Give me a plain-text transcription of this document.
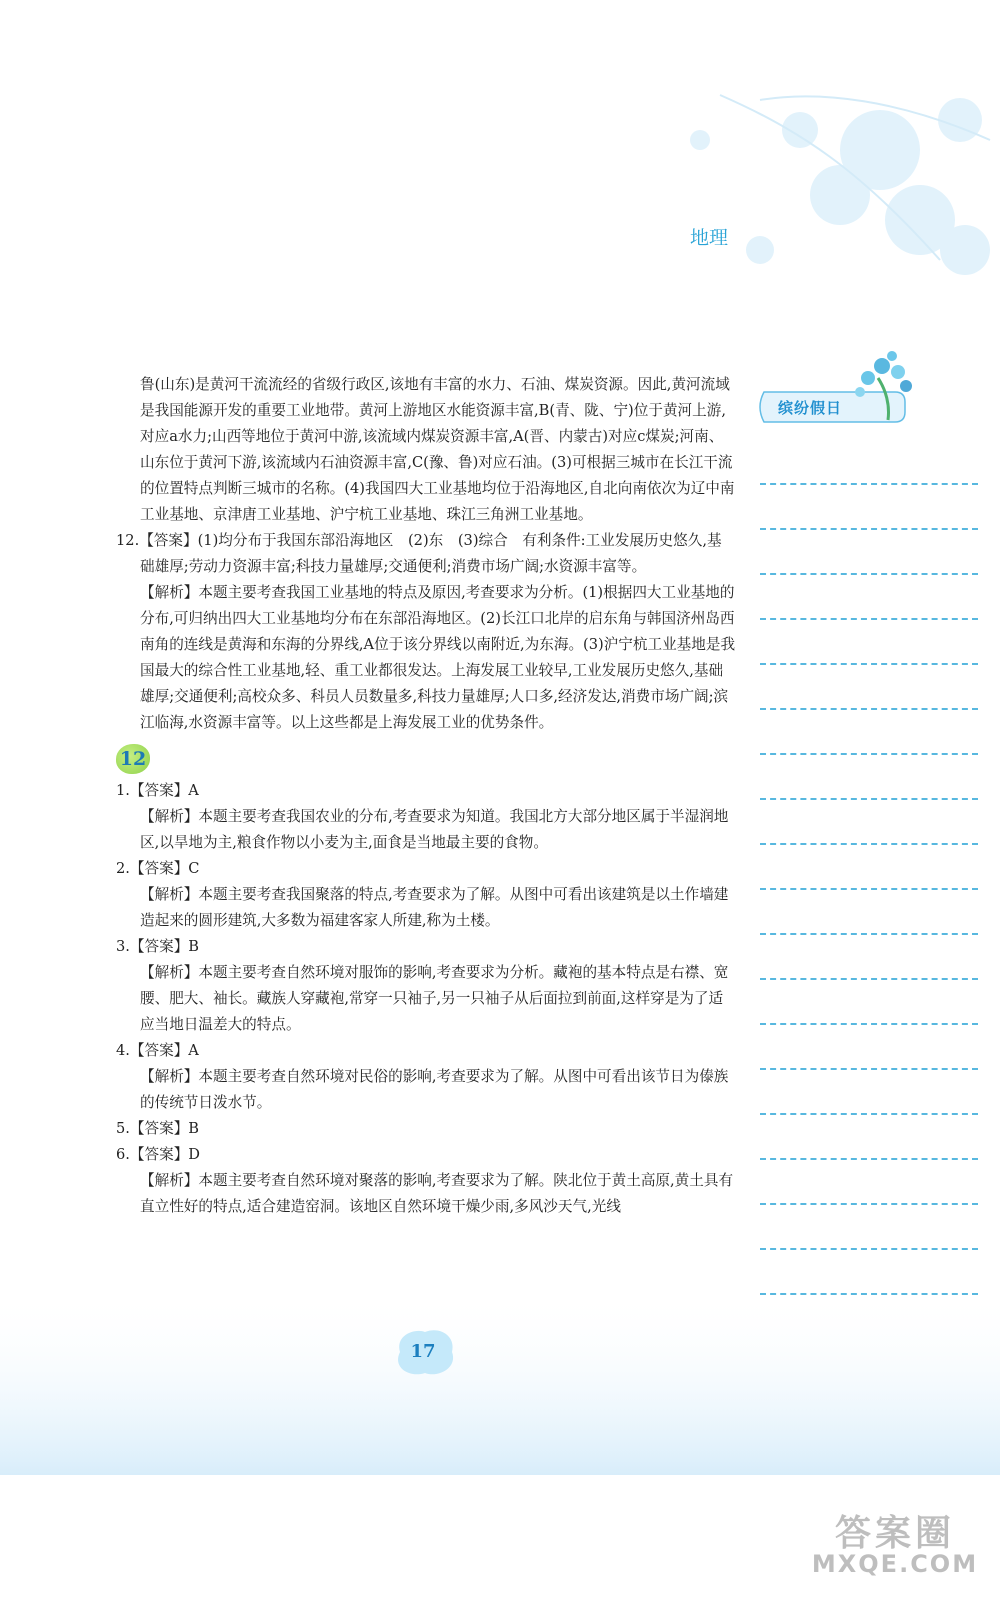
地理
缤纷假日

鲁(山东)是黄河干流流经的省级行政区,该地有丰富的水力、石油、煤炭资源。因此,黄河流域是我国能源开发的重要工业地带。黄河上游地区水能资源丰富,B(青、陇、宁)位于黄河上游,对应a水力;山西等地位于黄河中游,该流域内煤炭资源丰富,A(晋、内蒙古)对应c煤炭;河南、山东位于黄河下游,该流域内石油资源丰富,C(豫、鲁)对应石油。(3)可根据三城市在长江干流的位置特点判断三城市的名称。(4)我国四大工业基地均位于沿海地区,自北向南依次为辽中南工业基地、京津唐工业基地、沪宁杭工业基地、珠江三角洲工业基地。

12.【答案】(1)均分布于我国东部沿海地区　(2)东　(3)综合　有利条件:工业发展历史悠久,基础雄厚;劳动力资源丰富;科技力量雄厚;交通便利;消费市场广阔;水资源丰富等。

【解析】本题主要考查我国工业基地的特点及原因,考查要求为分析。(1)根据四大工业基地的分布,可归纳出四大工业基地均分布在东部沿海地区。(2)长江口北岸的启东角与韩国济州岛西南角的连线是黄海和东海的分界线,A位于该分界线以南附近,为东海。(3)沪宁杭工业基地是我国最大的综合性工业基地,轻、重工业都很发达。上海发展工业较早,工业发展历史悠久,基础雄厚;交通便利;高校众多、科员人员数量多,科技力量雄厚;人口多,经济发达,消费市场广阔;滨江临海,水资源丰富等。以上这些都是上海发展工业的优势条件。

12

1.【答案】A

【解析】本题主要考查我国农业的分布,考查要求为知道。我国北方大部分地区属于半湿润地区,以旱地为主,粮食作物以小麦为主,面食是当地最主要的食物。

2.【答案】C

【解析】本题主要考查我国聚落的特点,考查要求为了解。从图中可看出该建筑是以土作墙建造起来的圆形建筑,大多数为福建客家人所建,称为土楼。

3.【答案】B

【解析】本题主要考查自然环境对服饰的影响,考查要求为分析。藏袍的基本特点是右襟、宽腰、肥大、袖长。藏族人穿藏袍,常穿一只袖子,另一只袖子从后面拉到前面,这样穿是为了适应当地日温差大的特点。

4.【答案】A

【解析】本题主要考查自然环境对民俗的影响,考查要求为了解。从图中可看出该节日为傣族的传统节日泼水节。

5.【答案】B

6.【答案】D

【解析】本题主要考查自然环境对聚落的影响,考查要求为了解。陕北位于黄土高原,黄土具有直立性好的特点,适合建造窑洞。该地区自然环境干燥少雨,多风沙天气,光线

17
答案圈
MXQE.COM
